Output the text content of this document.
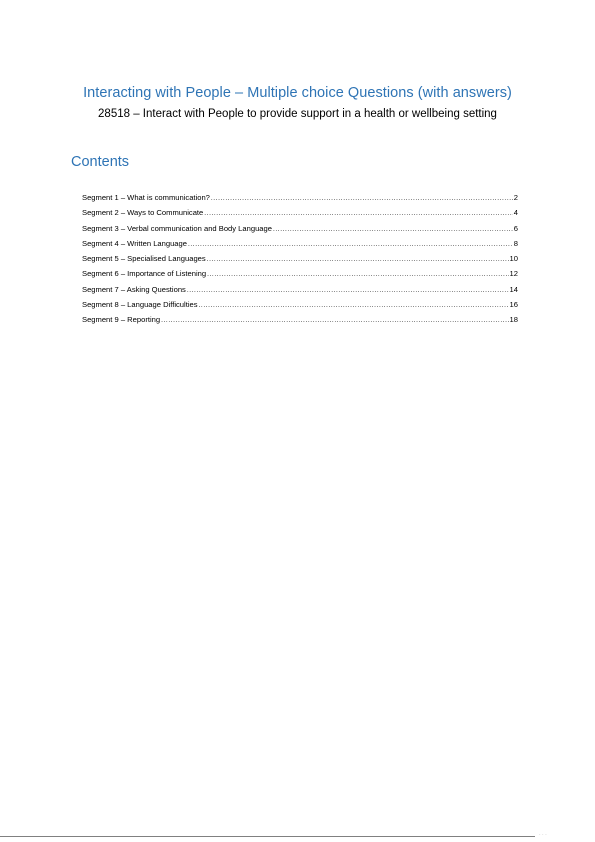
Interacting with People – Multiple choice Questions (with answers)
28518 – Interact with People to provide support in a health or wellbeing setting
Contents
Segment 1 – What is communication? .....	2
Segment 2 – Ways to Communicate .....	4
Segment 3 – Verbal communication and Body Language .....	6
Segment 4 – Written Language .....	8
Segment 5 – Specialised Languages .....	10
Segment 6 – Importance of Listening .....	12
Segment 7 – Asking Questions .....	14
Segment 8 – Language Difficulties .....	16
Segment 9 – Reporting .....	18
· · ·
